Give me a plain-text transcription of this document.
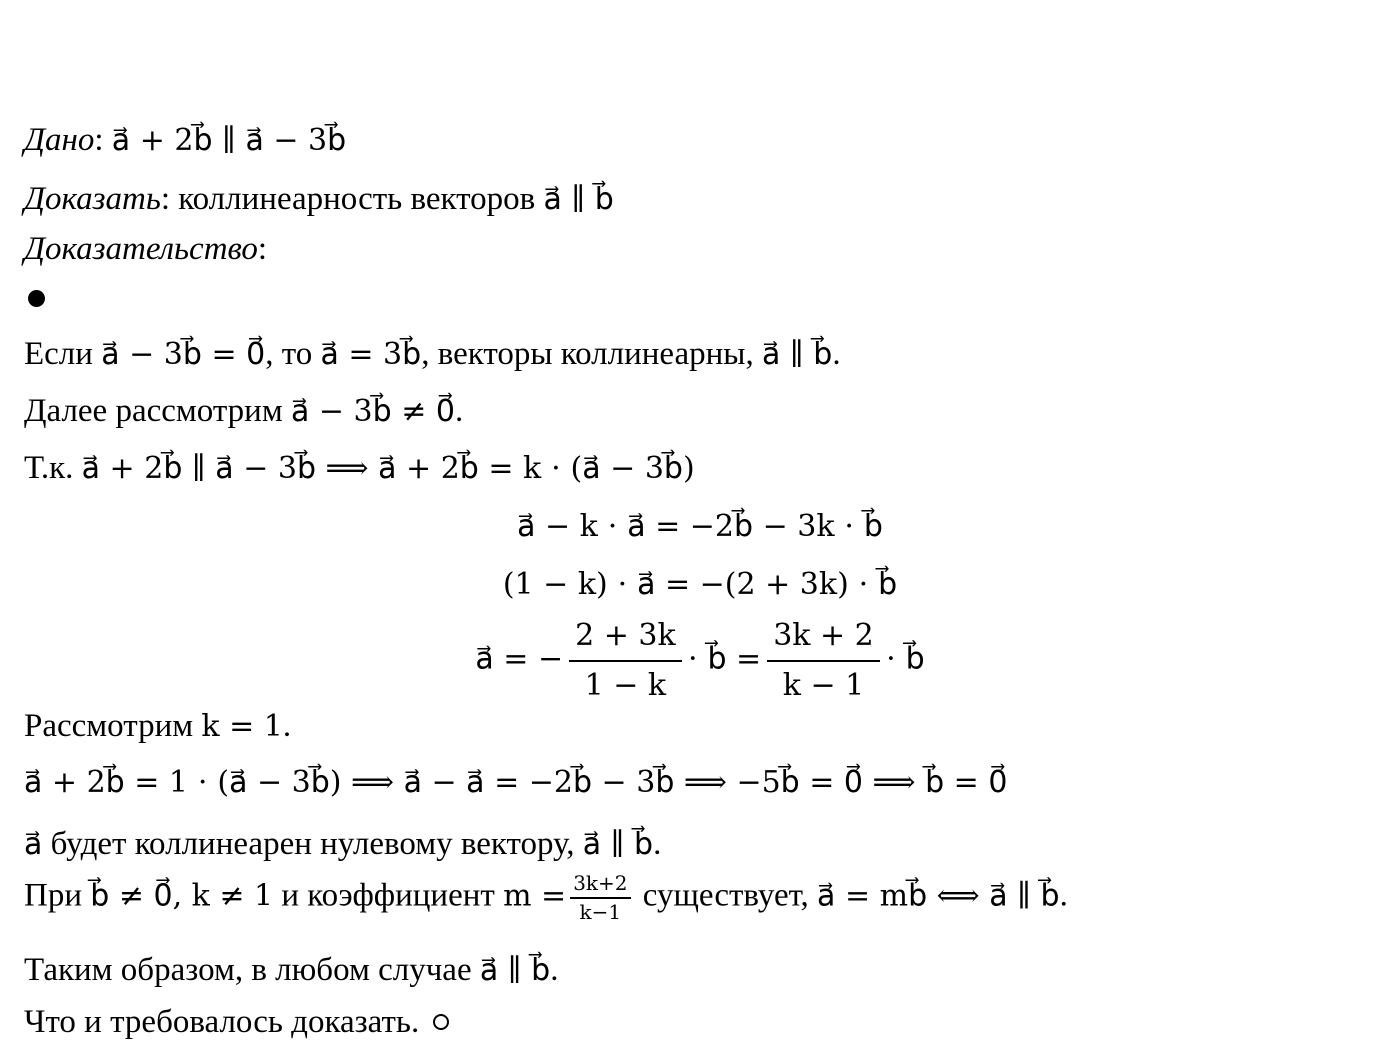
Дано: a⃗ + 2b⃗ ∥ a⃗ − 3b⃗
Доказать: коллинеарность векторов a⃗ ∥ b⃗
Доказательство:
Если a⃗ − 3b⃗ = 0⃗, то a⃗ = 3b⃗, векторы коллинеарны, a⃗ ∥ b⃗.
Далее рассмотрим a⃗ − 3b⃗ ≠ 0⃗.
Т.к. a⃗ + 2b⃗ ∥ a⃗ − 3b⃗ ⟹ a⃗ + 2b⃗ = k ⋅ (a⃗ − 3b⃗)
a⃗ − k ⋅ a⃗ = −2b⃗ − 3k ⋅ b⃗
(1 − k) ⋅ a⃗ = −(2 + 3k) ⋅ b⃗
a⃗ = − $\frac{2 + 3k}{1 - k}$ ⋅ b⃗ = $\frac{3k + 2}{k - 1}$ ⋅ b⃗
Рассмотрим k = 1.
a⃗ + 2b⃗ = 1 ⋅ (a⃗ − 3b⃗) ⟹ a⃗ − a⃗ = −2b⃗ − 3b⃗ ⟹ −5b⃗ = 0⃗ ⟹ b⃗ = 0⃗
a⃗ будет коллинеарен нулевому вектору, a⃗ ∥ b⃗.
При b⃗ ≠ 0⃗, k ≠ 1 и коэффициент $m = \frac{3k+2}{k-1}$ существует, a⃗ = mb⃗ ⟺ a⃗ ∥ b⃗.
Таким образом, в любом случае a⃗ ∥ b⃗.
Что и требовалось доказать.
